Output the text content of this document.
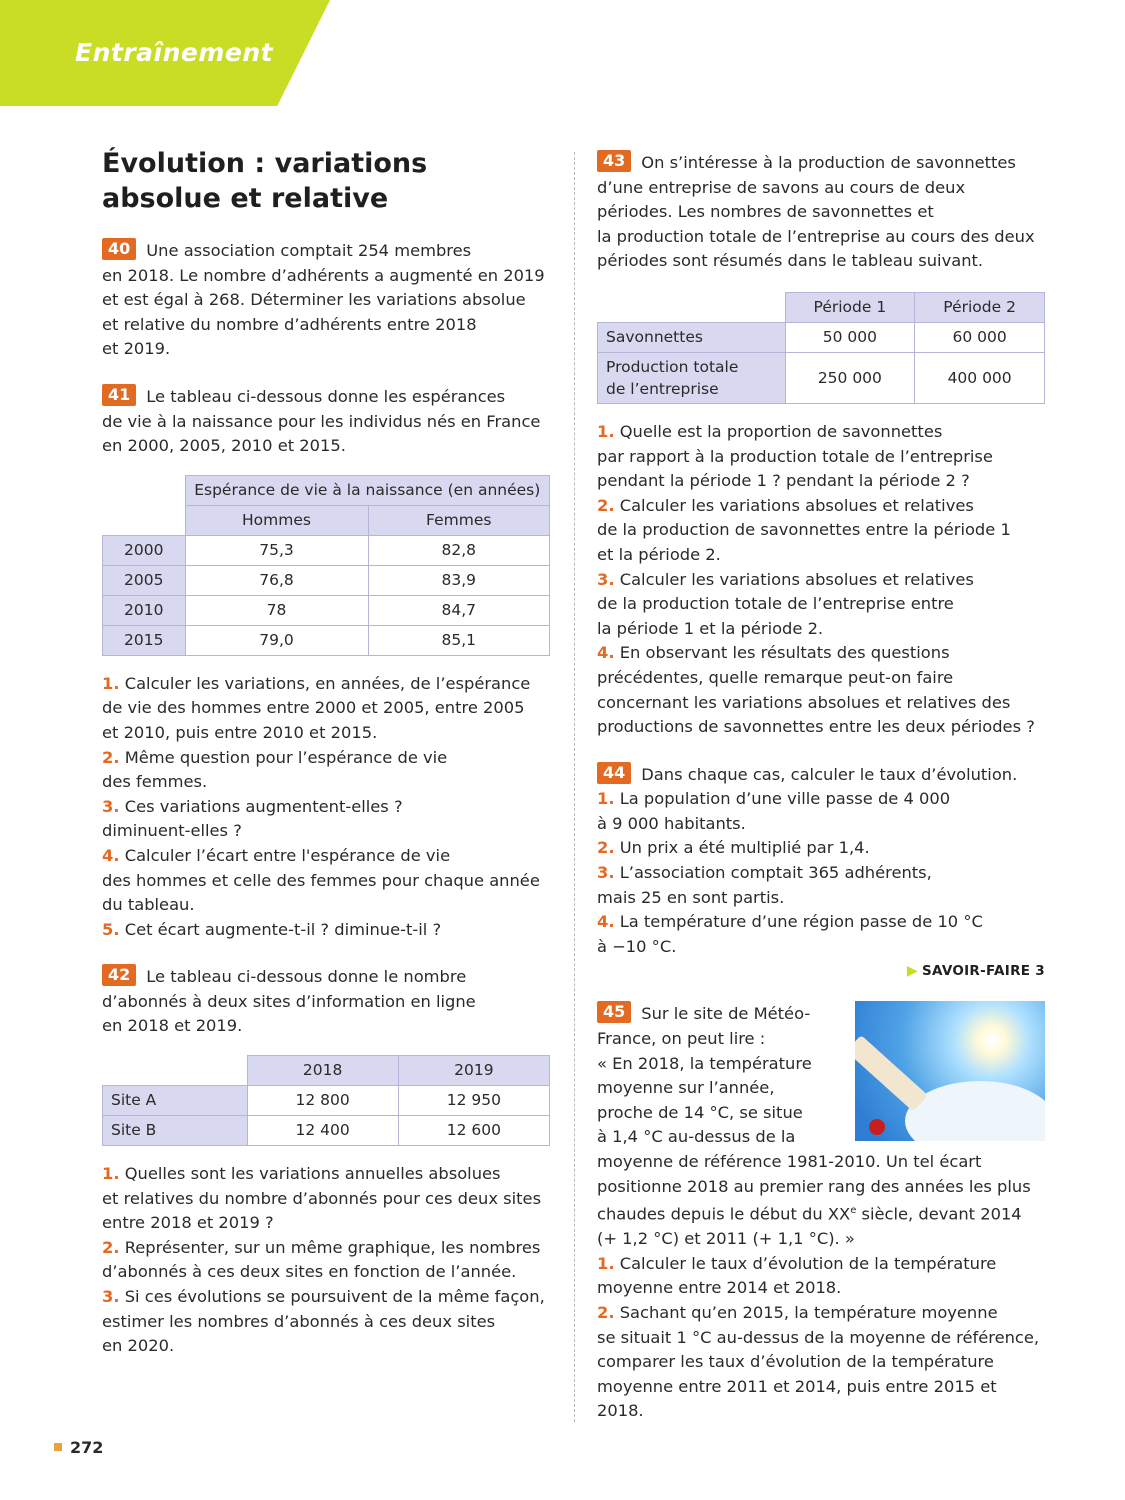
Entraînement
Évolution : variations
absolue et relative

40 Une association comptait 254 membres

en 2018. Le nombre d’adhérents a augmenté en 2019

et est égal à 268. Déterminer les variations absolue

et relative du nombre d’adhérents entre 2018

et 2019.

41 Le tableau ci-dessous donne les espérances

de vie à la naissance pour les individus nés en France

en 2000, 2005, 2010 et 2015.

	Espérance de vie à la naissance (en années)	
	Hommes	Femmes
2000	75,3	82,8
2005	76,8	83,9
2010	78	84,7
2015	79,0	85,1

1. Calculer les variations, en années, de l’espérance

de vie des hommes entre 2000 et 2005, entre 2005

et 2010, puis entre 2010 et 2015.

2. Même question pour l’espérance de vie

des femmes.

3. Ces variations augmentent-elles ?

diminuent-elles ?

4. Calculer l’écart entre l'espérance de vie

des hommes et celle des femmes pour chaque année

du tableau.

5. Cet écart augmente-t-il ? diminue-t-il ?

42 Le tableau ci-dessous donne le nombre

d’abonnés à deux sites d’information en ligne

en 2018 et 2019.

	2018	2019
Site A	12 800	12 950
Site B	12 400	12 600

1. Quelles sont les variations annuelles absolues

et relatives du nombre d’abonnés pour ces deux sites

entre 2018 et 2019 ?

2. Représenter, sur un même graphique, les nombres

d’abonnés à ces deux sites en fonction de l’année.

3. Si ces évolutions se poursuivent de la même façon,

estimer les nombres d’abonnés à ces deux sites

en 2020.

43 On s’intéresse à la production de savonnettes

d’une entreprise de savons au cours de deux

périodes. Les nombres de savonnettes et

la production totale de l’entreprise au cours des deux

périodes sont résumés dans le tableau suivant.

	Période 1	Période 2
Savonnettes	50 000	60 000

Production totale
de l’entreprise	250 000	400 000

1. Quelle est la proportion de savonnettes

par rapport à la production totale de l’entreprise

pendant la période 1 ? pendant la période 2 ?

2. Calculer les variations absolues et relatives

de la production de savonnettes entre la période 1

et la période 2.

3. Calculer les variations absolues et relatives

de la production totale de l’entreprise entre

la période 1 et la période 2.

4. En observant les résultats des questions

précédentes, quelle remarque peut-on faire

concernant les variations absolues et relatives des

productions de savonnettes entre les deux périodes ?

44 Dans chaque cas, calculer le taux d’évolution.

1. La population d’une ville passe de 4 000

à 9 000 habitants.

2. Un prix a été multiplié par 1,4.

3. L’association comptait 365 adhérents,

mais 25 en sont partis.

4. La température d’une région passe de 10 °C

à −10 °C.

▶ SAVOIR-FAIRE 3

45 Sur le site de Météo-

France, on peut lire :

« En 2018, la température

moyenne sur l’année,

proche de 14 °C, se situe

à 1,4 °C au-dessus de la

moyenne de référence 1981-2010. Un tel écart

positionne 2018 au premier rang des années les plus

chaudes depuis le début du XXe siècle, devant 2014

(+ 1,2 °C) et 2011 (+ 1,1 °C). »

1. Calculer le taux d’évolution de la température

moyenne entre 2014 et 2018.

2. Sachant qu’en 2015, la température moyenne

se situait 1 °C au-dessus de la moyenne de référence,

comparer les taux d’évolution de la température

moyenne entre 2011 et 2014, puis entre 2015 et 2018.

272
